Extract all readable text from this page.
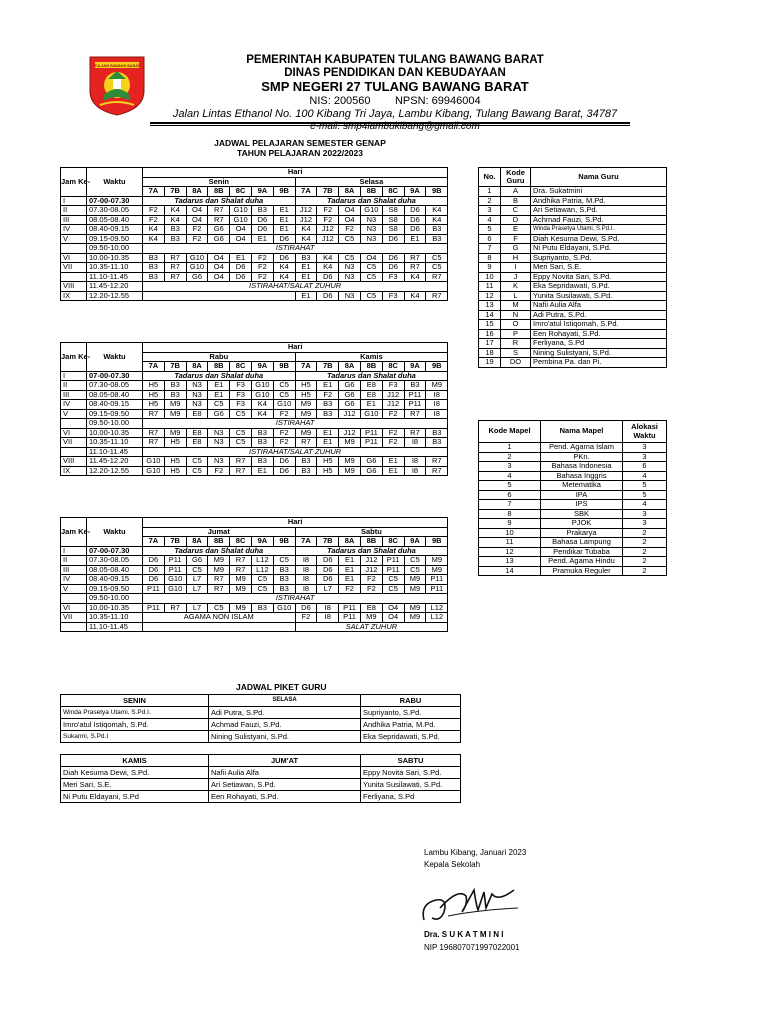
TULANG BAWANG BARAT	PEMERINTAH KABUPATEN TULANG BAWANG BARAT
DINAS PENDIDIKAN DAN KEBUDAYAAN
SMP NEGERI 27 TULANG BAWANG BARAT
NIS: 200560        NPSN: 69946004
Jalan Lintas Ethanol No. 100 Kibang Tri Jaya, Lambu Kibang, Tulang Bawang Barat, 34787
e-mail: smp4lambukibang@gmail.com
JADWAL PELAJARAN SEMESTER GENAP
TAHUN PELAJARAN 2022/2023
Jam Ke-	Waktu	Hari													
		Senin							Selasa						
		7A	7B	8A	8B	8C	9A	9B	7A	7B	8A	8B	8C	9A	9B
I	07-00-07.30	Tadarus dan Shalat duha							Tadarus dan Shalat duha						
II	07.30-08.05	F2	K4	O4	R7	G10	B3	E1	J12	F2	O4	G10	S8	D6	K4
III	08.05-08.40	F2	K4	O4	R7	G10	D6	E1	J12	F2	O4	N3	S8	D6	K4
IV	08.40-09.15	K4	B3	F2	G6	O4	D6	E1	K4	J12	F2	N3	S8	D6	B3
V	09.15-09.50	K4	B3	F2	G6	O4	E1	D6	K4	J12	C5	N3	D6	E1	B3
	09.50-10.00	ISTIRAHAT													
VI	10.00-10.35	B3	R7	G10	O4	E1	F2	D6	B3	K4	C5	O4	D6	R7	C5
VII	10.35-11.10	B3	R7	G10	O4	D6	F2	K4	E1	K4	N3	C5	D6	R7	C5
	11.10-11.45	B3	R7	G6	O4	D6	F2	K4	E1	D6	N3	C5	F3	K4	R7
VIII	11.45-12.20	ISTIRAHAT/SALAT ZUHUR													
IX	12.20-12.55								E1	D6	N3	C5	F3	K4	R7
Jam Ke-	Waktu	Hari													
		Rabu							Kamis						
		7A	7B	8A	8B	8C	9A	9B	7A	7B	8A	8B	8C	9A	9B
I	07-00-07.30	Tadarus dan Shalat duha							Tadarus dan Shalat duha						
II	07.30-08.05	H5	B3	N3	E1	F3	G10	C5	H5	E1	G6	E8	F3	B3	M9
III	08.05-08.40	H5	B3	N3	E1	F3	G10	C5	H5	F2	G6	E8	J12	P11	I8
IV	08.40-09.15	H5	M9	N3	C5	F3	K4	G10	M9	B3	G6	E1	J12	P11	I8
V	09.15-09.50	R7	M9	E8	G6	C5	K4	F2	M9	B3	J12	G10	F2	R7	I8
	09.50-10.00	ISTIRAHAT													
VI	10.00-10.35	R7	M9	E8	N3	C5	B3	F2	M9	E1	J12	P11	F2	R7	B3
VII	10.35-11.10	R7	H5	E8	N3	C5	B3	F2	R7	E1	M9	P11	F2	I8	B3
	11.10-11.45	ISTIRAHAT/SALAT ZUHUR													
VIII	11.45-12.20	G10	H5	C5	N3	R7	B3	D6	B3	H5	M9	G6	E1	I8	R7
IX	12.20-12.55	G10	H5	C5	F2	R7	E1	D6	B3	H5	M9	G6	E1	I8	R7
Jam Ke-	Waktu	Hari													
		Jumat							Sabtu						
		7A	7B	8A	8B	8C	9A	9B	7A	7B	8A	8B	8C	9A	9B
I	07-00-07.30	Tadarus dan Shalat duha							Tadarus dan Shalat duha						
II	07.30-08.05	D6	P11	G6	M9	R7	L12	C5	I8	D6	E1	J12	P11	C5	M9
III	08.05-08.40	D6	P11	C5	M9	R7	L12	B3	I8	D6	E1	J12	P11	C5	M9
IV	08.40-09.15	D6	G10	L7	R7	M9	C5	B3	I8	D6	E1	F2	C5	M9	P11
V	09.15-09.50	P11	G10	L7	R7	M9	C5	B3	I8	L7	F2	F2	C5	M9	P11
	09.50-10.00	ISTIRAHAT													
VI	10.00-10.35	P11	R7	L7	C5	M9	B3	G10	D6	I8	P11	E8	O4	M9	L12
VII	10.35-11.10	AGAMA NON ISLAM							F2	I8	P11	M9	O4	M9	L12
	11.10-11.45								SALAT ZUHUR						
No.	Kode Guru	Nama Guru
1	A	Dra. Sukatmini
2	B	Andhika Patria, M.Pd.
3	C	Ari Setiawan, S.Pd.
4	D	Achmad Fauzi, S.Pd.
5	E	Winda Prasetya Utami, S.Pd.I.
6	F	Diah Kesuma Dewi, S.Pd.
7	G	Ni Putu Eldayani, S.Pd.
8	H	Supriyanto, S.Pd.
9	I	Meri Sari, S.E.
10	J	Eppy Novita Sari, S.Pd.
11	K	Eka Sepridawati, S.Pd.
12	L	Yunita Susilawati, S.Pd.
13	M	Nafii Aulia Alfa
14	N	Adi Putra, S.Pd.
15	O	Imro'atul Istiqomah, S.Pd.
16	P	Een Rohayati, S.Pd.
17	R	Ferliyana, S.Pd
18	S	Nining Sulistyani, S.Pd.
19	DO	Pembina Pa. dan Pi.
Kode Mapel	Nama Mapel	Alokasi Waktu
1	Pend. Agama Islam	3
2	PKn.	3
3	Bahasa Indonesia	6
4	Bahasa Inggris	4
5	Metematika	5
6	IPA	5
7	IPS	4
8	SBK	3
9	PJOK	3
10	Prakarya	2
11	Bahasa Lampung	2
12	Pendikar Tubaba	2
13	Pend. Agama Hindu	2
14	Pramuka Reguler	2
JADWAL PIKET GURU
SENIN	SELASA	RABU
Winda Prasetya Utami, S.Pd.I.	Adi Putra, S.Pd.	Supriyanto, S.Pd.
Imro'atul Istiqomah, S.Pd.	Achmad Fauzi, S.Pd.	Andhika Patria, M.Pd.
Sukarmi, S.Pd.I	Nining Sulistyani, S.Pd.	Eka Sepridawati, S.Pd.

KAMIS	JUM'AT	SABTU
Diah Kesuma Dewi, S.Pd.	Nafii Aulia Alfa	Eppy Novita Sari, S.Pd.
Meri Sari, S.E.	Ari Setiawan, S.Pd.	Yunita Susilawati, S.Pd.
Ni Putu Eldayani, S.Pd	Een Rohayati, S.Pd.	Ferliyana, S.Pd
Lambu Kibang, Januari 2023
Kepala Sekolah
Dra. S U K A T M I N I
NIP 196807071997022001
